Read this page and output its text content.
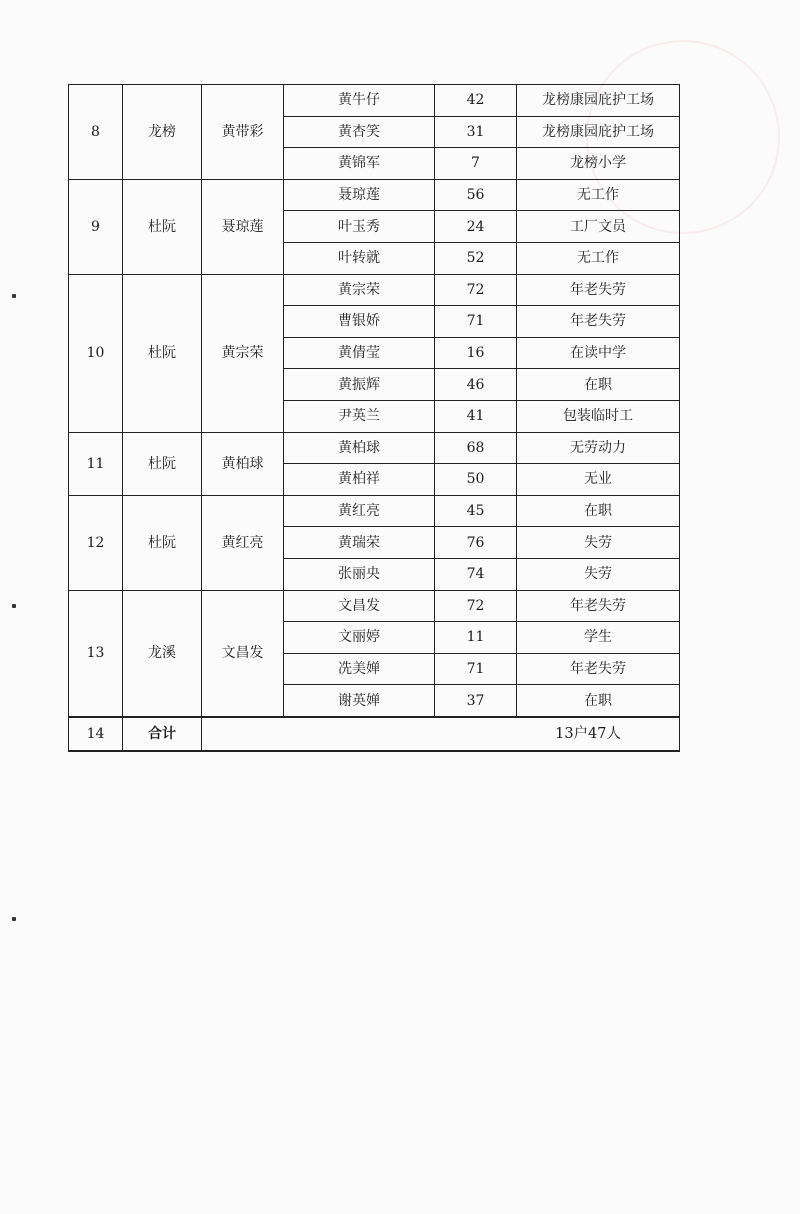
8	龙榜	黄带彩	黄牛仔	42	龙榜康园庇护工场
			黄杏笑	31	龙榜康园庇护工场
			黄锦军	7	龙榜小学
9	杜阮	聂琼莲	聂琼莲	56	无工作
			叶玉秀	24	工厂文员
			叶转就	52	无工作
10	杜阮	黄宗荣	黄宗荣	72	年老失劳
			曹银娇	71	年老失劳
			黄倩莹	16	在读中学
			黄振辉	46	在职
			尹英兰	41	包装临时工
11	杜阮	黄柏球	黄柏球	68	无劳动力
			黄柏祥	50	无业
12	杜阮	黄红亮	黄红亮	45	在职
			黄瑞荣	76	失劳
			张丽央	74	失劳
13	龙溪	文昌发	文昌发	72	年老失劳
			文丽婷	11	学生
			冼美婵	71	年老失劳
			谢英婵	37	在职
14	合计	13户47人			
